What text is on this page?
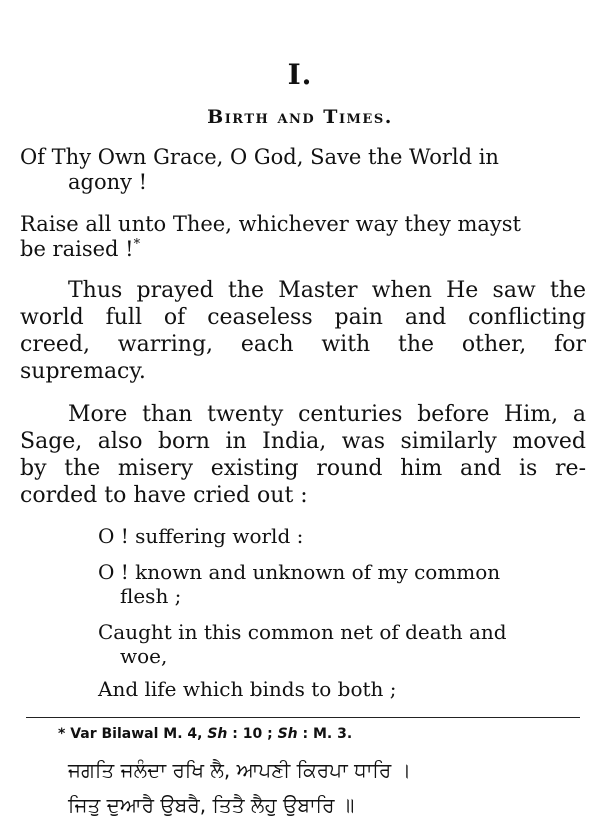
I.
Birth and Times.
Of Thy Own Grace, O God, Save the World in
agony !
Raise all unto Thee, whichever way they mayst
be raised !*
Thus prayed the Master when He saw the
world full of ceaseless pain and conflicting
creed, warring, each with the other, for
supremacy.
More than twenty centuries before Him, a
Sage, also born in India, was similarly moved
by the misery existing round him and is re-
corded to have cried out :
O ! suffering world :
O ! known and unknown of my common
flesh ;
Caught in this common net of death and
woe,
And life which binds to both ;
* Var Bilawal M. 4, Sh : 10 ; Sh : M. 3.
ਜਗਤਿ ਜਲੰਦਾ ਰਖਿ ਲੈ, ਆਪਣੀ ਕਿਰਪਾ ਧਾਰਿ ।
ਜਿਤੁ ਦੁਆਰੈ ਉਬਰੈ, ਤਿਤੈ ਲੈਹੁ ਉਬਾਰਿ ॥
